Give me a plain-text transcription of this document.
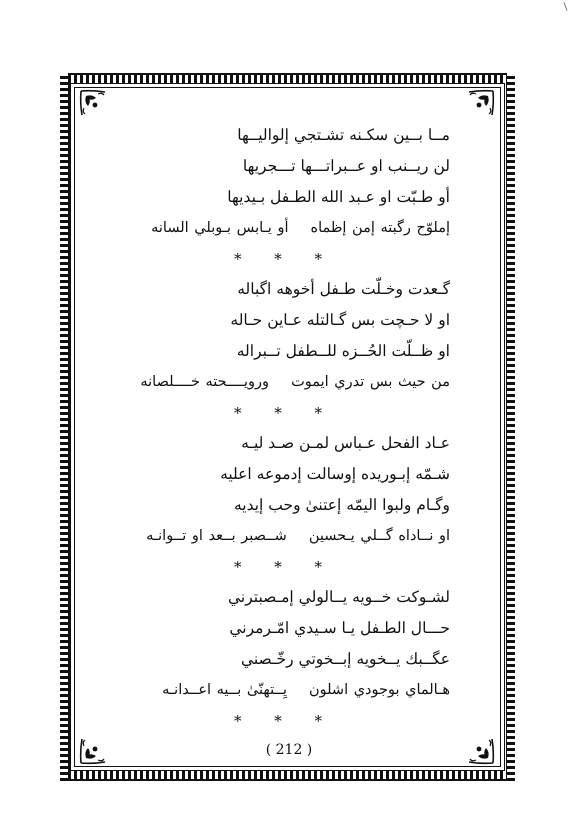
مــا بــين سكـنه تشـتجي إلواليــها
لن ريــنب او عــبراتـــها تـــجريها
أو طـبّت او عـبد الله الطـفل بـيديها
إملوّح رگبته إمن إظماهأو يـابس بـوبلي السانه
* * *
گـعدت وخـلّت طـفل أخوهه اگباله
او لا حـچت بس گـالتله عـاين حـاله
او ظــلّت الحُــزه للــطفل تــبراله
من حيث بس تدري ايموتورويــــحته خــــلصانه
* * *
عـاد الفحل عـباس لمـن صـد ليـه
شـمّه إبـوريده إوسالت إدموعه اعليه
وگـام ولبوا اليمّه إعتنىٰ وحب إيديه
او نــاداه گــلي يـحسينشــصبر بــعد او تــوانـه
* * *
لشـوكت خــويه يــالولي إمـصبترني
حـــال الطـفل يـا سـيدي امّـرمرني
عگــبك يــخويه إبــخوتي رخّـصني
هـالماي بوجودي اشلونيِــتهنّىٰ بــيه اعــدانـه
* * *
( 212 )
